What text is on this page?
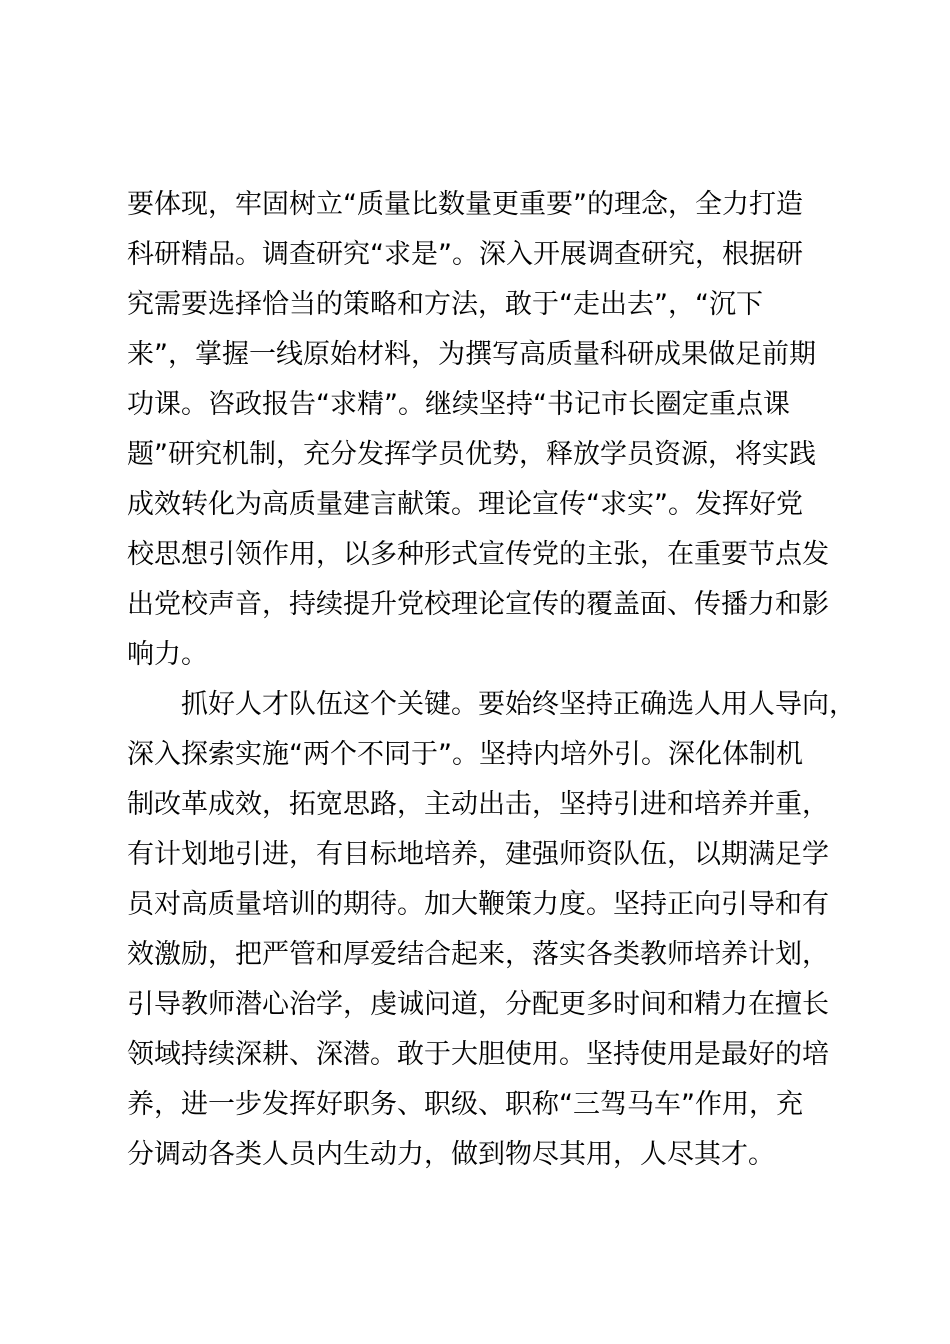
要体现，牢固树立“质量比数量更重要”的理念，全力打造
科研精品。调查研究“求是”。深入开展调查研究，根据研
究需要选择恰当的策略和方法，敢于“走出去”，“沉下
来”，掌握一线原始材料，为撰写高质量科研成果做足前期
功课。咨政报告“求精”。继续坚持“书记市长圈定重点课
题”研究机制，充分发挥学员优势，释放学员资源，将实践
成效转化为高质量建言献策。理论宣传“求实”。发挥好党
校思想引领作用，以多种形式宣传党的主张，在重要节点发
出党校声音，持续提升党校理论宣传的覆盖面、传播力和影
响力。
　　抓好人才队伍这个关键。要始终坚持正确选人用人导向，
深入探索实施“两个不同于”。坚持内培外引。深化体制机
制改革成效，拓宽思路，主动出击，坚持引进和培养并重，
有计划地引进，有目标地培养，建强师资队伍，以期满足学
员对高质量培训的期待。加大鞭策力度。坚持正向引导和有
效激励，把严管和厚爱结合起来，落实各类教师培养计划，
引导教师潜心治学，虔诚问道，分配更多时间和精力在擅长
领域持续深耕、深潜。敢于大胆使用。坚持使用是最好的培
养，进一步发挥好职务、职级、职称“三驾马车”作用，充
分调动各类人员内生动力，做到物尽其用，人尽其才。
